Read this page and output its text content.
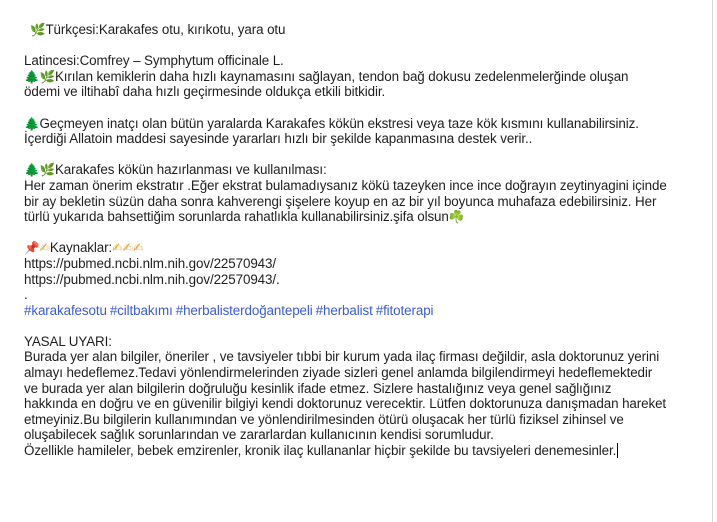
🌿Türkçesi:Karakafes otu, kırıkotu, yara otu
Latincesi:Comfrey – Symphytum officinale L.
🌲🌿Kırılan kemiklerin daha hızlı kaynamasını sağlayan, tendon bağ dokusu zedelenmelerğinde oluşan
ödemi ve iltihabî daha hızlı geçirmesinde oldukça etkili bitkidir.
🌲Geçmeyen inatçı olan bütün yaralarda Karakafes kökün ekstresi veya taze kök kısmını kullanabilirsiniz.
İçerdiği Allatoin maddesi sayesinde yararları hızlı bir şekilde kapanmasına destek verir..
🌲🌿Karakafes kökün hazırlanması ve kullanılması:
Her zaman önerim ekstratır .Eğer ekstrat bulamadıysanız kökü tazeyken ince ince doğrayın zeytinyagini içinde
bir ay bekletin süzün daha sonra kahverengi şişelere koyup en az bir yıl boyunca muhafaza edebilirsiniz. Her
türlü yukarıda bahsettiğim sorunlarda rahatlıkla kullanabilirsiniz.şifa olsun☘️
📌✍Kaynaklar:✍✍✍
https://pubmed.ncbi.nlm.nih.gov/22570943/
https://pubmed.ncbi.nlm.nih.gov/22570943/.
.
#karakafesotu #ciltbakımı #herbalisterdoğantepeli #herbalist #fitoterapi
YASAL UYARI:
Burada yer alan bilgiler, öneriler , ve tavsiyeler tıbbi bir kurum yada ilaç firması değildir, asla doktorunuz yerini
almayı hedeflemez.Tedavi yönlendirmelerinden ziyade sizleri genel anlamda bilgilendirmeyi hedeflemektedir
ve burada yer alan bilgilerin doğruluğu kesinlik ifade etmez. Sizlere hastalığınız veya genel sağlığınız
hakkında en doğru ve en güvenilir bilgiyi kendi doktorunuz verecektir. Lütfen doktorunuza danışmadan hareket
etmeyiniz.Bu bilgilerin kullanımından ve yönlendirilmesinden ötürü oluşacak her türlü fiziksel zihinsel ve
oluşabilecek sağlık sorunlarından ve zararlardan kullanıcının kendisi sorumludur.
Özellikle hamileler, bebek emzirenler, kronik ilaç kullananlar hiçbir şekilde bu tavsiyeleri denemesinler.
